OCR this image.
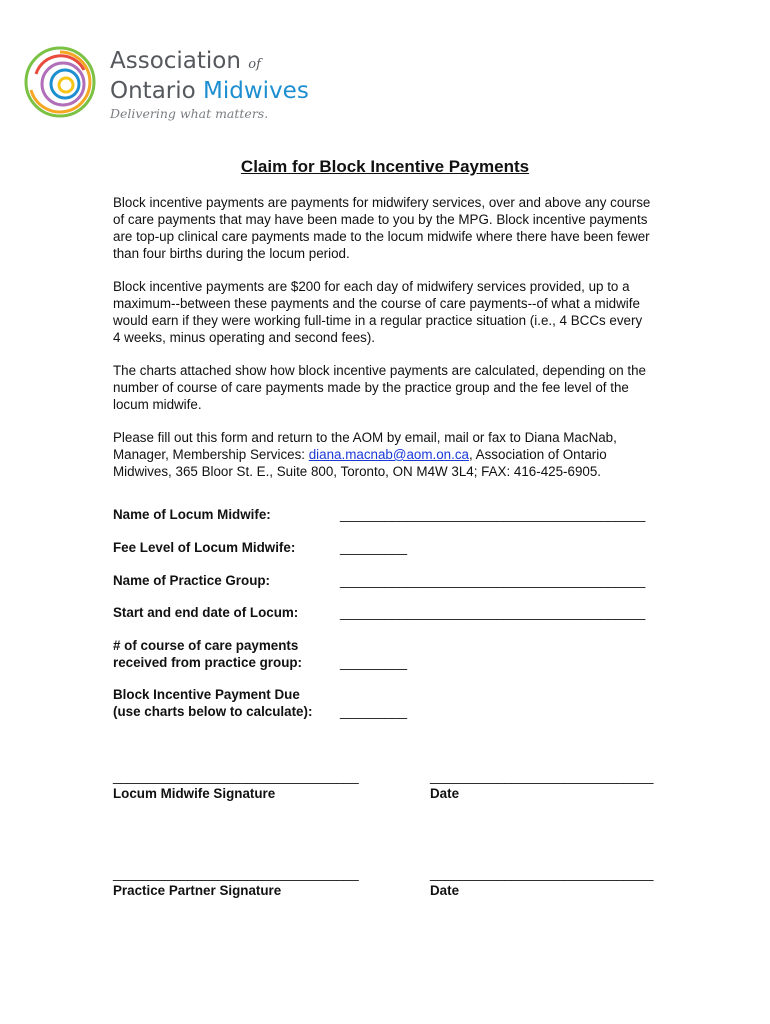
Association of
Ontario Midwives
Delivering what matters.
Claim for Block Incentive Payments

Block incentive payments are payments for midwifery services, over and above any course of care payments that may have been made to you by the MPG. Block incentive payments are top-up clinical care payments made to the locum midwife where there have been fewer than four births during the locum period.

Block incentive payments are $200 for each day of midwifery services provided, up to a maximum--between these payments and the course of care payments--of what a midwife would earn if they were working full-time in a regular practice situation (i.e., 4 BCCs every 4 weeks, minus operating and second fees).

The charts attached show how block incentive payments are calculated, depending on the number of course of care payments made by the practice group and the fee level of the locum midwife.

Please fill out this form and return to the AOM by email, mail or fax to Diana MacNab, Manager, Membership Services: diana.macnab@aom.on.ca, Association of Ontario Midwives, 365 Bloor St. E., Suite 800, Toronto, ON M4W 3L4; FAX: 416-425-6905.

Name of Locum Midwife:	_________________________________________
Fee Level of Locum Midwife:	_________
Name of Practice Group:	_________________________________________
Start and end date of Locum:	_________________________________________
# of course of care payments
received from practice group:	_________
Block Incentive Payment Due
(use charts below to calculate): _________
_________________________________	______________________________
Locum Midwife Signature	Date
_________________________________	______________________________
Practice Partner Signature	Date
